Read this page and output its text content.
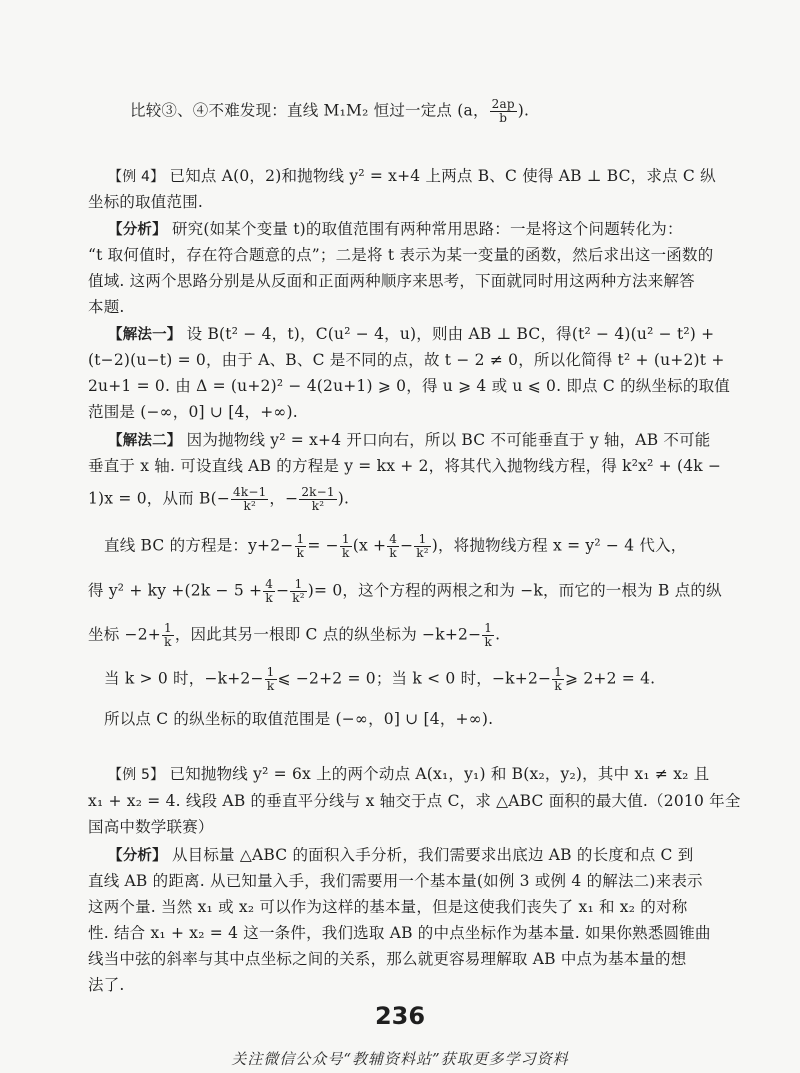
比较③、④不难发现：直线 M₁M₂ 恒过一定点 (a， $\frac{2ap}{b}$ ).
【例 4】 已知点 A(0，2)和抛物线 y² = x+4 上两点 B、C 使得 AB ⊥ BC，求点 C 纵
坐标的取值范围.
【分析】 研究(如某个变量 t)的取值范围有两种常用思路：一是将这个问题转化为：
“t 取何值时，存在符合题意的点”；二是将 t 表示为某一变量的函数，然后求出这一函数的
值域. 这两个思路分别是从反面和正面两种顺序来思考，下面就同时用这两种方法来解答
本题.
【解法一】 设 B(t² − 4，t)，C(u² − 4，u)，则由 AB ⊥ BC，得(t² − 4)(u² − t²) +
(t−2)(u−t) = 0，由于 A、B、C 是不同的点，故 t − 2 ≠ 0，所以化简得 t² + (u+2)t +
2u+1 = 0. 由 Δ = (u+2)² − 4(2u+1) ⩾ 0，得 u ⩾ 4 或 u ⩽ 0. 即点 C 的纵坐标的取值
范围是 (−∞，0] ∪ [4，+∞).
【解法二】 因为抛物线 y² = x+4 开口向右，所以 BC 不可能垂直于 y 轴，AB 不可能
垂直于 x 轴. 可设直线 AB 的方程是 y = kx + 2，将其代入抛物线方程，得 k²x² + (4k −
1)x = 0，从而 $B(- \frac{4k-1}{\text{k²}}$ ，− $\frac{2k-1}{\text{k²}}$ ).
直线 BC 的方程是：$y+2- \frac{1}{k}$ = − $\frac{1}{k} (x + \frac{4}{k} - \frac{1}{\text{k²}}$ )，将抛物线方程 x = y² − 4 代入，
得 y² + ky $+(2k - 5 + \frac{4}{k} - \frac{1}{\text{k²}}$ )= 0，这个方程的两根之和为 −k，而它的一根为 B 点的纵
坐标 $-2+ \frac{1}{k}$ ，因此其另一根即 C 点的纵坐标为 $-k+2- \frac{1}{k}$ .
当 k > 0 时，$-k+2- \frac{1}{k}$ ⩽ −2+2 = 0；当 k < 0 时，$-k+2- \frac{1}{k}$ ⩾ 2+2 = 4.
所以点 C 的纵坐标的取值范围是 (−∞，0] ∪ [4，+∞).
【例 5】 已知抛物线 y² = 6x 上的两个动点 A(x₁，y₁) 和 B(x₂，y₂)，其中 x₁ ≠ x₂ 且
x₁ + x₂ = 4. 线段 AB 的垂直平分线与 x 轴交于点 C，求 △ABC 面积的最大值.（2010 年全
国高中数学联赛）
【分析】 从目标量 △ABC 的面积入手分析，我们需要求出底边 AB 的长度和点 C 到
直线 AB 的距离. 从已知量入手，我们需要用一个基本量(如例 3 或例 4 的解法二)来表示
这两个量. 当然 x₁ 或 x₂ 可以作为这样的基本量，但是这使我们丧失了 x₁ 和 x₂ 的对称
性. 结合 x₁ + x₂ = 4 这一条件，我们选取 AB 的中点坐标作为基本量. 如果你熟悉圆锥曲
线当中弦的斜率与其中点坐标之间的关系，那么就更容易理解取 AB 中点为基本量的想
法了.
236
关注微信公众号“教辅资料站”获取更多学习资料
